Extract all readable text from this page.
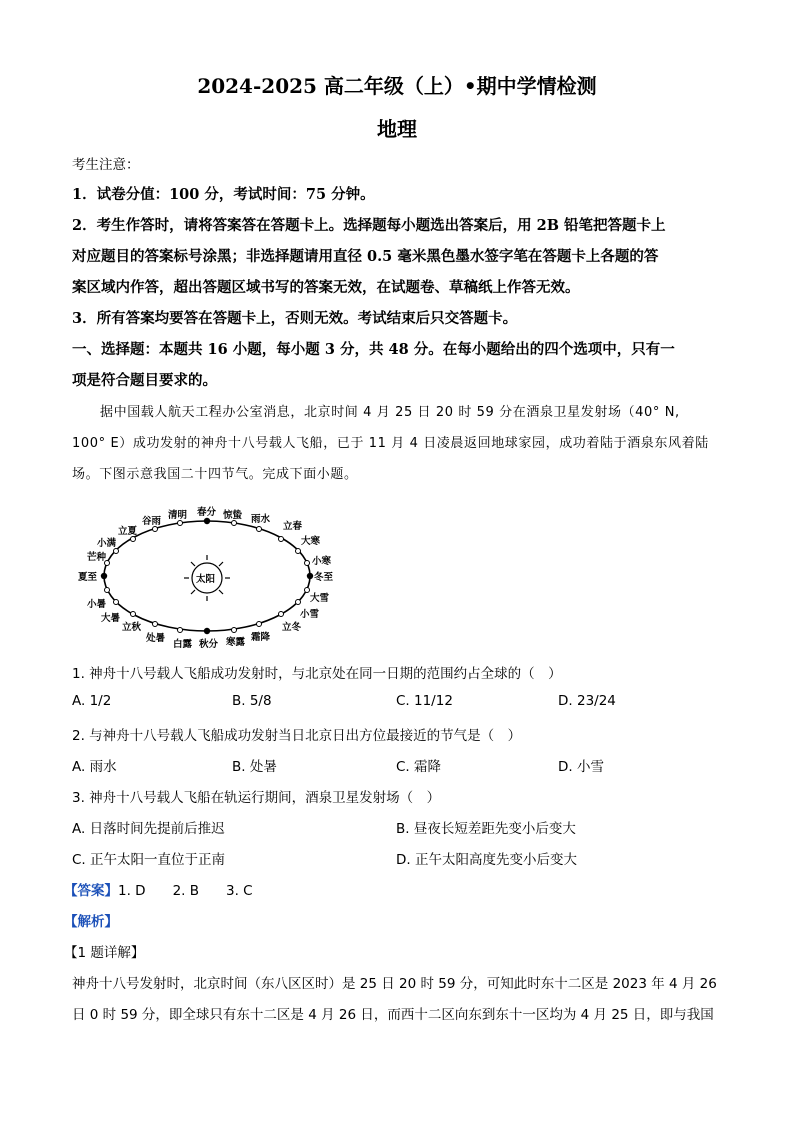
2024-2025 高二年级（上）•期中学情检测
地理
考生注意：
1．试卷分值：100 分，考试时间：75 分钟。
2．考生作答时，请将答案答在答题卡上。选择题每小题选出答案后，用 2B 铅笔把答题卡上
对应题目的答案标号涂黑；非选择题请用直径 0.5 毫米黑色墨水签字笔在答题卡上各题的答
案区域内作答，超出答题区域书写的答案无效，在试题卷、草稿纸上作答无效。
3．所有答案均要答在答题卡上，否则无效。考试结束后只交答题卡。
一、选择题：本题共 16 小题，每小题 3 分，共 48 分。在每小题给出的四个选项中，只有一
项是符合题目要求的。
据中国载人航天工程办公室消息，北京时间 4 月 25 日 20 时 59 分在酒泉卫星发射场（40° N,
100° E）成功发射的神舟十八号载人飞船，已于 11 月 4 日凌晨返回地球家园，成功着陆于酒泉东风着陆
场。下图示意我国二十四节气。完成下面小题。
太阳
春分
清明
谷雨
立夏
小满
芒种
夏至
小暑
大暑
立秋
处暑
白露 秋分 寒露 霜降
立冬
小雪
大雪
冬至
小寒
大寒
立春
雨水
惊蛰
1. 神舟十八号载人飞船成功发射时，与北京处在同一日期的范围约占全球的（　）
A. 1/2	B. 5/8	C. 11/12	D. 23/24
2. 与神舟十八号载人飞船成功发射当日北京日出方位最接近的节气是（　）
A. 雨水	B. 处暑	C. 霜降	D. 小雪
3. 神舟十八号载人飞船在轨运行期间，酒泉卫星发射场（　）
A. 日落时间先提前后推迟	B. 昼夜长短差距先变小后变大
C. 正午太阳一直位于正南	D. 正午太阳高度先变小后变大
【答案】1. D　　2. B　　3. C
【解析】
【1 题详解】
神舟十八号发射时，北京时间（东八区区时）是 25 日 20 时 59 分，可知此时东十二区是 2023 年 4 月 26
日 0 时 59 分，即全球只有东十二区是 4 月 26 日，而西十二区向东到东十一区均为 4 月 25 日，即与我国
